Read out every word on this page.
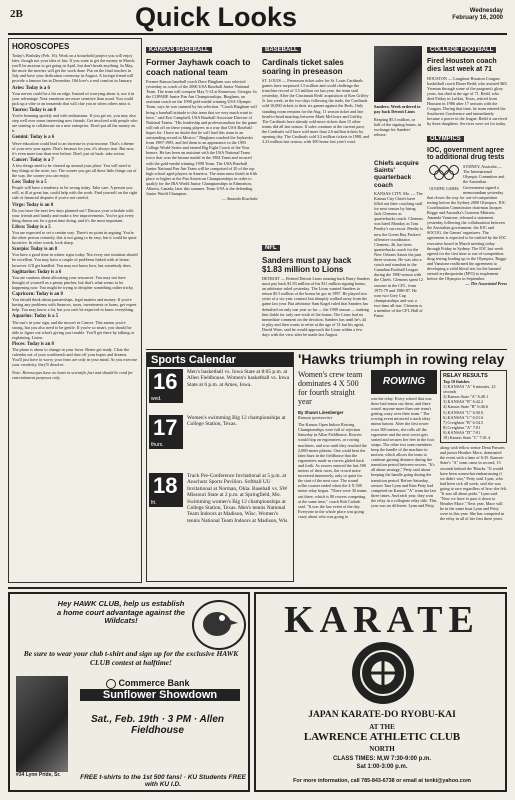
2B	Quick Looks	Wednesday
February 16, 2000
HOROSCOPES
Today's Birthday (Feb. 16). Work on a household project you will enjoy later, though not your idea of fun. If you want to get the money in March, you'll be anxious to get going in April, but don't break anything. In May, the more the merrier will get the work done. Put on the final touches in July and have your dedication ceremony in August. A foreign friend will provide a famous fan in December. Old love's a real comfort in January.
Aries: Today is a 6
Your nerves could be a bit on edge. Instead of worrying about it, use it in your advantage. Your emotions are more sensitive than usual. You could pick up a vibe or an innuendo that will clue you in when others miss it.
Taurus: Today is an 8
You're beaming quickly and with enthusiasm. If you get set, you may also step well over some interesting new friends. Get involved with people who are starting to collaborate on a new enterprise. Don't put all the money on it.
Gemini: Today is a 6
Wave education could lead to an increase in your income. That's a theme of your new year again. That's because for you, it's always true. But now, it's even more true than ever before. Don't just sit back: take action.
Cancer: Today is a 7
A few things need to be cleared up around your place. You will need to buy things at the store, too. The sooner you get all these little things out of the way, the sooner you can enjoy.
Leo: Today is a 5
People will have a tendency to be wrong today. Take care. A person you will, at ill at great fun, could help with the work. Find yourself on the right side of financial disputes if you're not careful.
Virgo: Today is an 8
Do you have the next few days planned out? Discuss your schedule with your friends and family and make a few improvements. You've got every thing drawn out for a great time doing, and it's the most important.
Libra: Today is a 5
You are expected to set a certain way. There's no point in arguing. You're the other person certainly, this is not going to be easy, but it could be quite lucrative. In other words, look sharp.
Scorpio: Today is an 8
You have a good time in winter signs today. Not every one intuition should be excellent. You may have a couple of problems linked with at home, however. It'll get handled. You may not know how, but somebody does.
Sagittarius: Today is a 6
You are cautious about allocating your resources. You may not have thought of yourself as a penny pincher, but that's what seems to be happening now. You might be trying to decipher something rather tricky.
Capricorn: Today is an 8
You should think about partnerships, legal matters and money. If you're having any problems with finances, taxes, investments or loans, get expert help. You may know a lot, but you can't be expected to know everything.
Aquarius: Today is a 5
The sun's in your sign, and the moon's in Cancer. This means you're strong, but you also need to be gentle. If you're so smart, you should be able to figure out what's giving you trouble. You'll get there by talking or explaining. Listen.
Pisces: Today is an 8
The phase is about to change in your favor. Better get ready. Clear the calendar out of your workbench and dust off your hopes and dreams. You'll just have to worry your fears are only in your mind. As you exercise your creativity, they'll dissolve.
Note: Horoscopes have no basis in scientific fact and should be read for entertainment purposes only.
KANSAS BASEBALL
Former Jayhawk coach to coach national team
Former Kansas baseball coach Dave Bingham was selected yesterday as coach of the 2000 USA Baseball Junior National Team. The team will compete May 5-14 at Kennesaw, Georgia. In the COPABE Junior Pan Am Championships. Bingham, an assistant coach on the 1998 gold medal winning USA Olympic Team, says he was stunned by his selection. "Coach Bingham will bring a baseball attitude to this team that we very much want to have," said Eric Campbell, USA Baseball Associate Director of National Teams. "His leadership and professionalism for the game will rub off on these young players in a way that USA Baseball hopes for. I have no doubt that he will lead this team to an outstanding record in Mexico." Bingham coached the Jayhawks from 1987-1995, and led them to an appearance in the 1993 College World Series and earned Big Eight Coach of the Year honors. He has been an assistant with the USA National Team twice that won the bronze medal in the 1984 Team and secured with the gold-medal winning 1998 Team. The USA Baseball Junior National Pan Am Team will be comprised of 20 of the top high school aged players in America. The team must finish in fifth place or higher at the Pan American Championships in order to qualify for the IBA World Junior Championships in Edmonton, Alberta, Canada, later this summer. Team USA is the defending Junior World Champion.
— Amanda Koschake
BASEBALL
Cardinals ticket sales soaring in preseason
ST. LOUIS — Preseason ticket sales for St. Louis Cardinals games have surpassed 1.5 million and could challenge the franchise record of 3.5 million set last year, the team said yesterday. After the Cincinnati Reds' acquisition of Ken Griffey Jr. last week, in the two days following the trade, the Cardinals sold 10,000 tickets to their six games against the Reds. Only standing room remains for the Aug. 11 season ticket and late head-to-head matchup between Mark McGwire and Griffey. The Cardinals have already sold more tickets than 15 other teams did all last season. If sales continue at the current pace, the Cardinals will have sold more than 2.6 million tickets by opening day. The Cardinals sold 3.2 million tickets in 1998, and 3.23 million last season, with 300 home last year's total.
NFL
Sanders must pay back $1.83 million to Lions
DETROIT — Retired Detroit Lions running back Barry Sanders must pay back $1.83 million of his $11 million signing bonus, an arbitrator ruled yesterday. The Lions wanted Sanders to return $5.5 million of the bonus he got in 1997. He played two years of a six-year contract but abruptly walked away from the game last year. But arbitrator Sam Kagel ruled that Sanders has defaulted on only one year so far — the 1999 season — making him liable for only one-sixth of the bonus. The Lions had no immediate comment on the decision. Sanders has until he's 44 to play and then wants to retire at the age of 31 but his agent, David Ware, said he would approach the Lions within a few days with the view after he made last August.
Sanders: Week ordered to pay back Detroit Lions
Reaping $5.5 million, or half of the signing bonus, in exchange for Sanders' release.
Chiefs acquire Saints' quarterback coach
KANSAS CITY, Mo. — The Kansas City Chiefs have filled out their coaching staff for next season by hiring Jack Clemens as quarterbacks coach. Clemens was hired Monday as Tom Pendry's successor. Pendry is now the Green Bay Packers' offensive coordinator. Clemens, 46, has been quarterbacks coach for the New Orleans Saints the past three seasons. He was also a coach and standout in the Canadian Football League during the 1980 season with the Chiefs. Clemens spent 12 seasons in the CFL, from 1975-79 and 1980-87. He won two Grey Cup championships and was a two-time all-star. Clemens is a member of the CFL Hall of Fame.
COLLEGE FOOTBALL
Fired Houston coach dies last week at 71
HOUSTON — Longtime Houston Cougars basketball coach Elmer Redd, who assisted Bill Yeoman through some of the program's glory years, has died at the age of 71. Redd, who died Friday in Lufkin, Texas, retired from Houston in 1986 after 17 seasons with the Cougars. During that time, he team entered the Southwest Conference and immediately became a power in the league. Redd is survived by three daughters. Services were set for today.
OLYMPICS
IOC, government agree to additional drug tests
OLYMPIC GAMES
SYDNEY, Australia — The International Olympic Committee and the Australian Government signed a memorandum yesterday that closes the way for out-of-competition testing before the Sydney 2000 Olympics. IOC Coordination Commission chairman Jacques Rogge and Australia's Customs Minister, Amanda Vanstone, released a statement yesterday following the collaboration between the Australian government, the IOC and SOCOG, the Games' organizers. The agreement is expected to be ratified by the IOC executive board in March meeting today through Friday in Sydney. The IOC last week agreed for the first time to out-of-competition drug testing leading up to the Olympics. Rogge and Vanstone reaffirmed the agreement to developing a valid blood test for the banned steroid erythropoietin (EPO) to implement before the Olympics in September.
— The Associated Press
Sports Calendar
16
wed.
Men's basketball vs. Iowa State at 8:05 p.m. at Allen Fieldhouse. Women's basketball vs. Iowa State at 6 p.m. at Ames, Iowa.
17
thurs.
Women's swimming Big 12 championships at College Station, Texas.
18
fri.
Track Pre-Conference Invitational at 5 p.m. at Anschutz Sports Pavilion. Softball UU Invitational at Norman, Okla. Baseball vs. SW Missouri State at 2 p.m. at Springfield, Mo. Swimming women's Big 12 championships at College Station, Texas. Men's tennis National Team Indoors at Madison, Wisc. Women's tennis National Team Indoors at Madison, Wis.
'Hawks triumph in rowing relay
Women's crew team dominates 4 X 500 for fourth straight year
By Shawn Linenberger
Kansan sportswriter
The Kansas Open Indoor Rowing Championships were full of rejection Saturday in Allen Fieldhouse. Rowers would hop on ergometers, or rowing machines, and row until they reached the 2,000-meter plateau. One could hear the faint buzz in the fieldhouse that the ergometers made as rowers glided back and forth. As rowers entered the last 500 meters of their races, the crowd noise increased immensely, only to quiet for the start of the next race. The sound roller coaster ended when the 4 X 500 meter relay began. "There were 30 teams out there, which is 80 rowers competing at the same time," coach Rob Catloth said. "It was the last event of the day. Everyone in the whole place was going crazy about who was going to
ROWING
win the relay. Every school that was there had teams out there, and there wasn't anyone more than one team's getting crazy over their team." The rowing event mirrored a track relay minus batons. After the first rower rows 500 meters, she rolls off the ergometer and the next rower gets seated and secures her feet in the foot straps. The other two team members keep the handle of the machine in motion, which allows the team to continue gaining distance during the transition period between rowers. "It's all about strategy," Petty said about keeping the handle going during the transition period. Before Saturday, seniors Tara Lynn and Kim Petty had competed on Kansas' "A" team the last three times. And each year, they won the relay in a collegiate relay title. This year was no different. Lynn and Petty,
RELAY RESULTS
Top 10 finishes
1) KANSAS "A" 6 minutes, 23 seconds
2) Kansas State "A" 6:40.1
3) KANSAS "B" 6:42.2
4) Kansas State "B" 6:46.6
5) KANSAS "C" 6:50.0
6) KANSAS "C" 6:51.6
7) Creighton "B" 6:54.5
8) Creighton "A" 7:01
9) KANSAS "D" 7:01
10) Kansas State "C" 7:01.4
along with fellow senior Dena Parsons and junior Heather Mace, dominated the event with a time of 6:35. Kansas-State's "A" team came in second, 13 seconds behind the 'Hawks. "It would have been somewhat embarrassing if we didn't win," Petty said. Lynn, who had been sick all week, said she was going to race regardless of how she felt. "It was all about pride," Lynn said. "Now we have to pass it down to Heather Mace." Next year, Mace will be in the same boat Lynn and Petty were in this year. She has competed in the relay in all of her first three years.
Hey HAWK CLUB, help us establish a home court advantage against the Wildcats!
Be sure to wear your club t-shirt and sign up for the exclusive HAWK CLUB contest at halftime!
Commerce Bank
Sunflower Showdown
Sat., Feb. 19th · 3 PM · Allen Fieldhouse
#34 Lynn Pride, Sr.	FREE t-shirts to the 1st 500 fans! · KU Students FREE with KU I.D.
KARATE
JAPAN KARATE-DO RYOBU-KAI
AT THE
LAWRENCE ATHLETIC CLUB
NORTH
CLASS TIMES: M,W 7:30-9:00 p.m.
Sat 1:00-3:00 p.m.
For more information, call 785-843-6738 or email at tenki@yahoo.com
